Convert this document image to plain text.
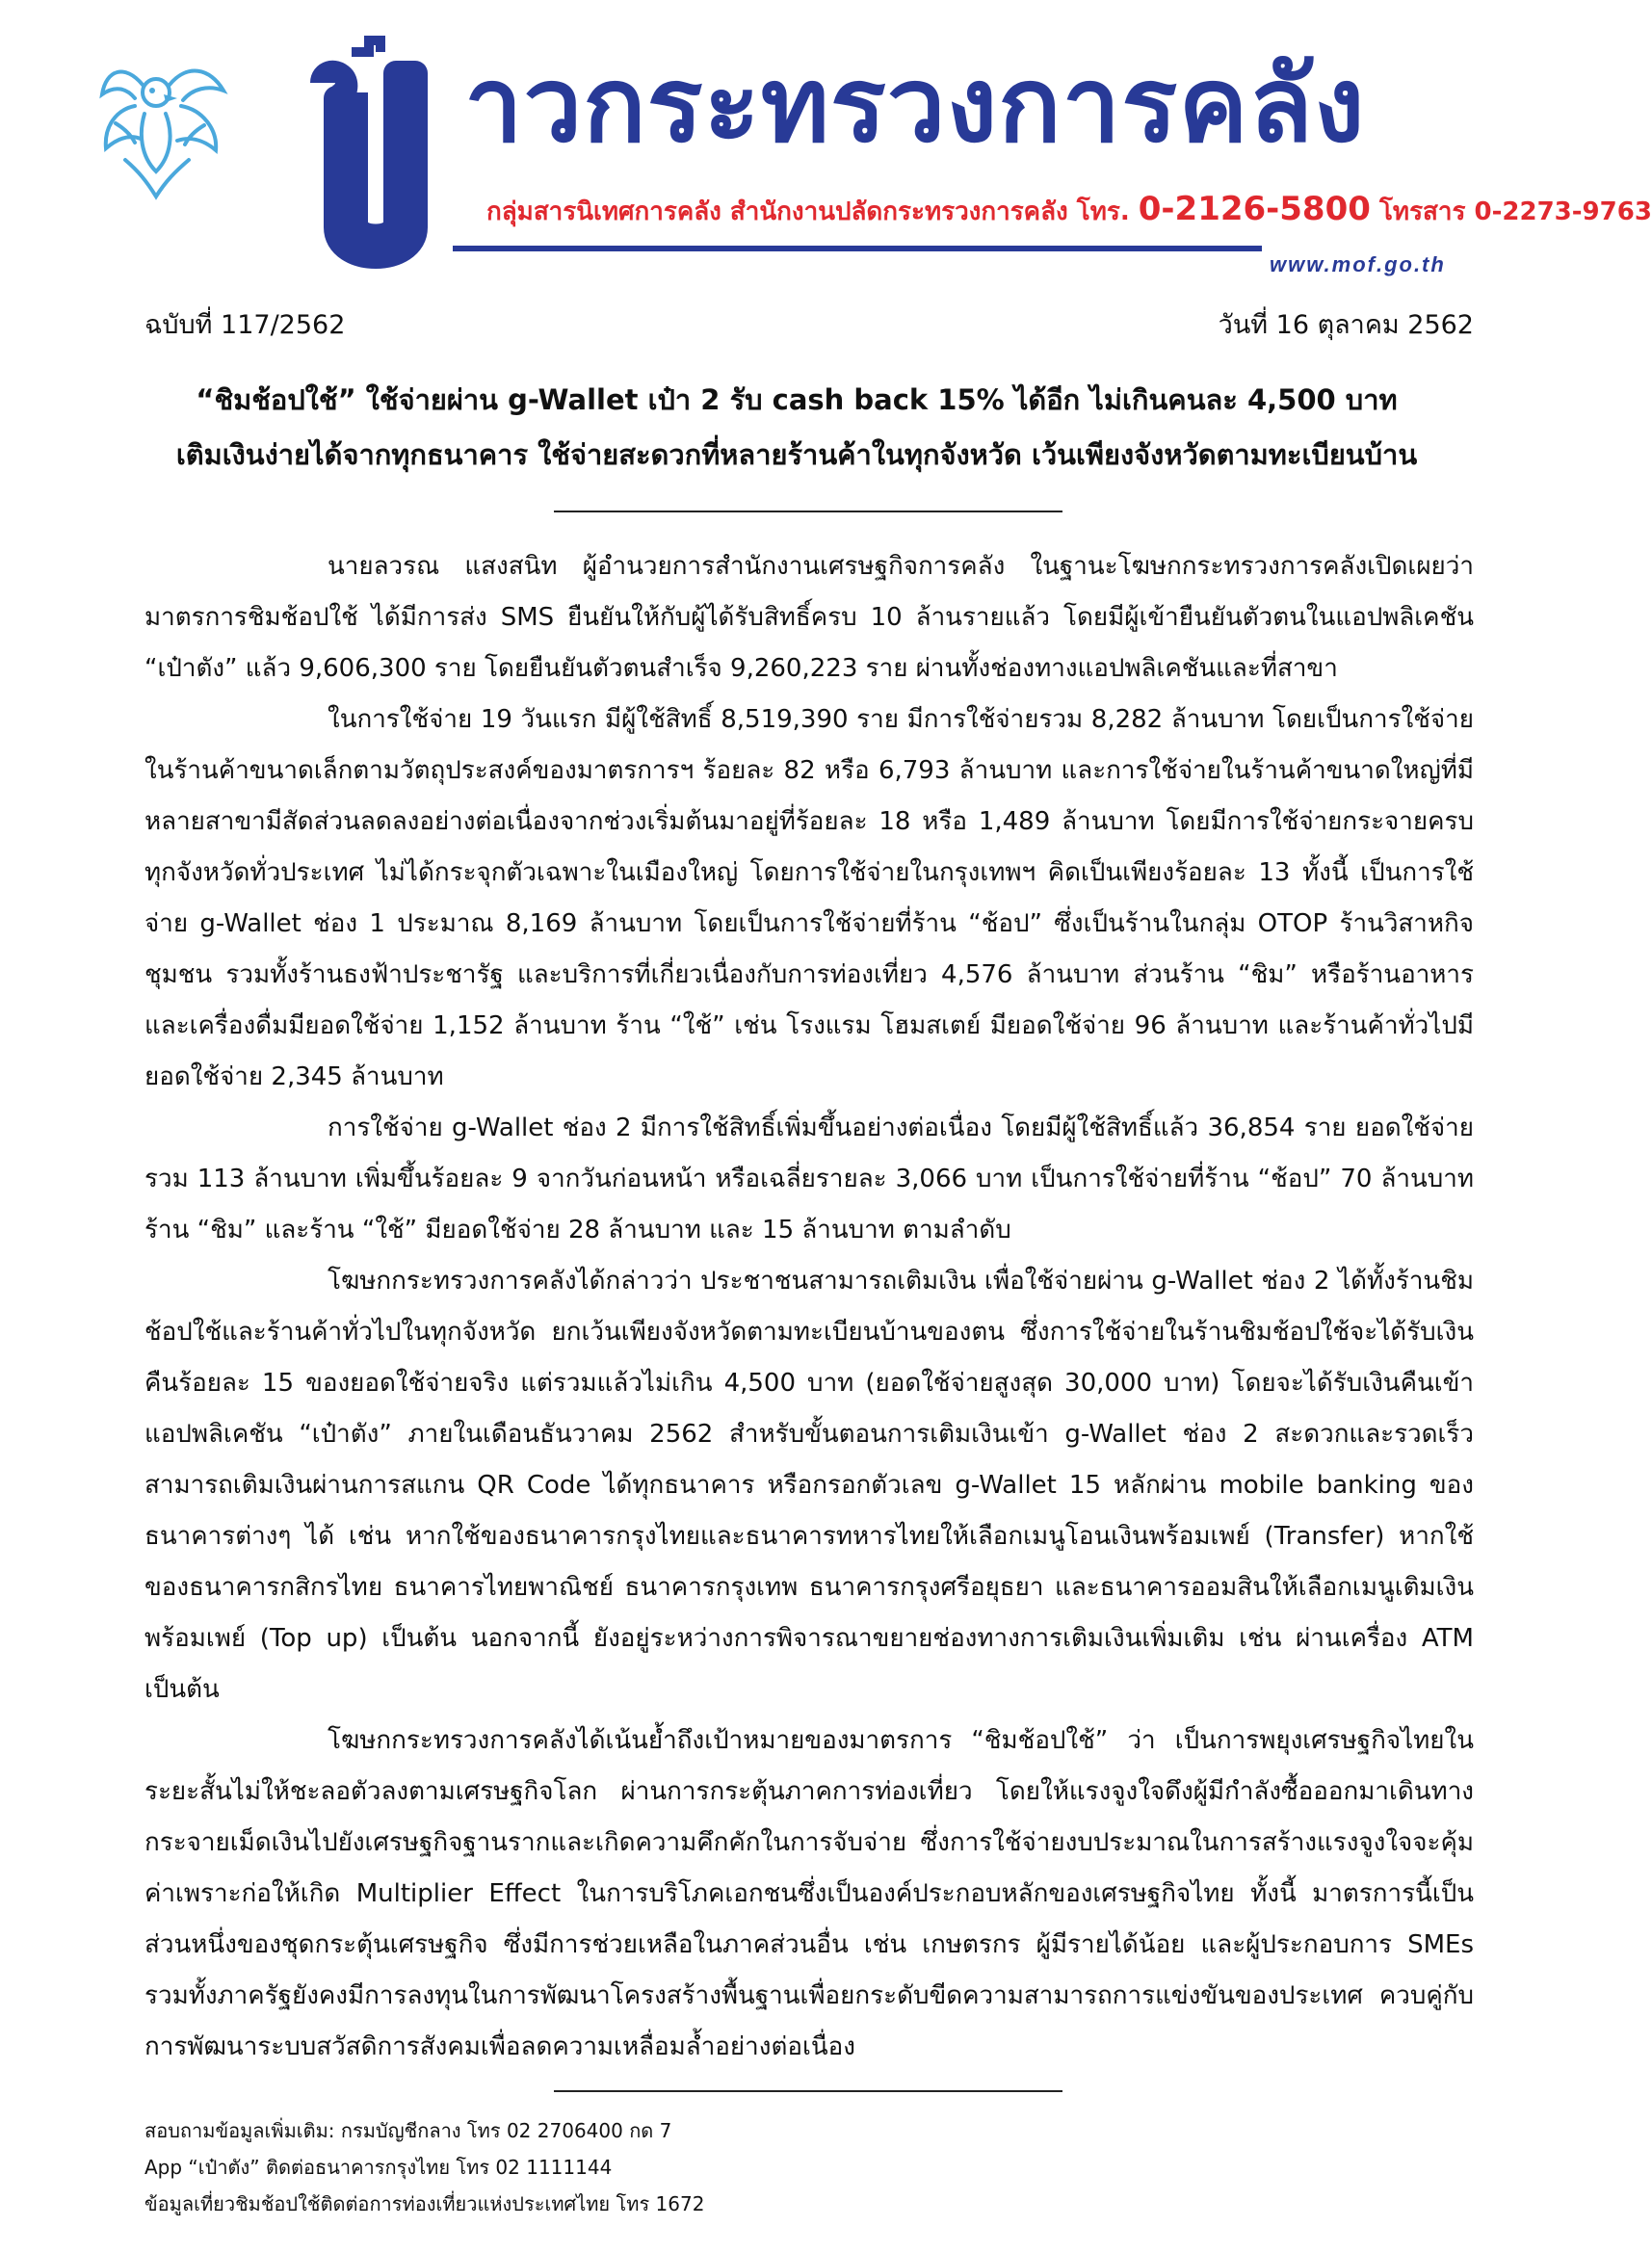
าวกระทรวงการคลัง
กลุ่มสารนิเทศการคลัง สำนักงานปลัดกระทรวงการคลัง โทร. 0-2126-5800 โทรสาร 0-2273-9763
www.mof.go.th
ฉบับที่ 117/2562	วันที่ 16 ตุลาคม 2562
“ชิมช้อปใช้” ใช้จ่ายผ่าน g-Wallet เป๋า 2 รับ cash back 15% ได้อีก ไม่เกินคนละ 4,500 บาท
เติมเงินง่ายได้จากทุกธนาคาร ใช้จ่ายสะดวกที่หลายร้านค้าในทุกจังหวัด เว้นเพียงจังหวัดตามทะเบียนบ้าน

นายลวรณ แสงสนิท ผู้อำนวยการสำนักงานเศรษฐกิจการคลัง ในฐานะโฆษกกระทรวงการคลังเปิดเผยว่า มาตรการชิมช้อปใช้ ได้มีการส่ง SMS ยืนยันให้กับผู้ได้รับสิทธิ์ครบ 10 ล้านรายแล้ว โดยมีผู้เข้ายืนยันตัวตนในแอปพลิเคชัน “เป๋าตัง” แล้ว 9,606,300 ราย โดยยืนยันตัวตนสำเร็จ 9,260,223 ราย ผ่านทั้งช่องทางแอปพลิเคชันและที่สาขา

ในการใช้จ่าย 19 วันแรก มีผู้ใช้สิทธิ์ 8,519,390 ราย มีการใช้จ่ายรวม 8,282 ล้านบาท โดยเป็นการใช้จ่ายในร้านค้าขนาดเล็กตามวัตถุประสงค์ของมาตรการฯ ร้อยละ 82 หรือ 6,793 ล้านบาท และการใช้จ่ายในร้านค้าขนาดใหญ่ที่มีหลายสาขามีสัดส่วนลดลงอย่างต่อเนื่องจากช่วงเริ่มต้นมาอยู่ที่ร้อยละ 18 หรือ 1,489 ล้านบาท โดยมีการใช้จ่ายกระจายครบทุกจังหวัดทั่วประเทศ ไม่ได้กระจุกตัวเฉพาะในเมืองใหญ่ โดยการใช้จ่ายในกรุงเทพฯ คิดเป็นเพียงร้อยละ 13 ทั้งนี้ เป็นการใช้จ่าย g-Wallet ช่อง 1 ประมาณ 8,169 ล้านบาท โดยเป็นการใช้จ่ายที่ร้าน “ช้อป” ซึ่งเป็นร้านในกลุ่ม OTOP ร้านวิสาหกิจชุมชน รวมทั้งร้านธงฟ้าประชารัฐ และบริการที่เกี่ยวเนื่องกับการท่องเที่ยว 4,576 ล้านบาท ส่วนร้าน “ชิม” หรือร้านอาหารและเครื่องดื่มมียอดใช้จ่าย 1,152 ล้านบาท ร้าน “ใช้” เช่น โรงแรม โฮมสเตย์ มียอดใช้จ่าย 96 ล้านบาท และร้านค้าทั่วไปมียอดใช้จ่าย 2,345 ล้านบาท

การใช้จ่าย g-Wallet ช่อง 2 มีการใช้สิทธิ์เพิ่มขึ้นอย่างต่อเนื่อง โดยมีผู้ใช้สิทธิ์แล้ว 36,854 ราย ยอดใช้จ่ายรวม 113 ล้านบาท เพิ่มขึ้นร้อยละ 9 จากวันก่อนหน้า หรือเฉลี่ยรายละ 3,066 บาท เป็นการใช้จ่ายที่ร้าน “ช้อป” 70 ล้านบาท ร้าน “ชิม” และร้าน “ใช้” มียอดใช้จ่าย 28 ล้านบาท และ 15 ล้านบาท ตามลำดับ

โฆษกกระทรวงการคลังได้กล่าวว่า ประชาชนสามารถเติมเงิน เพื่อใช้จ่ายผ่าน g-Wallet ช่อง 2 ได้ทั้งร้านชิมช้อปใช้และร้านค้าทั่วไปในทุกจังหวัด ยกเว้นเพียงจังหวัดตามทะเบียนบ้านของตน ซึ่งการใช้จ่ายในร้านชิมช้อปใช้จะได้รับเงินคืนร้อยละ 15 ของยอดใช้จ่ายจริง แต่รวมแล้วไม่เกิน 4,500 บาท (ยอดใช้จ่ายสูงสุด 30,000 บาท) โดยจะได้รับเงินคืนเข้าแอปพลิเคชัน “เป๋าตัง” ภายในเดือนธันวาคม 2562 สำหรับขั้นตอนการเติมเงินเข้า g-Wallet ช่อง 2 สะดวกและรวดเร็ว สามารถเติมเงินผ่านการสแกน QR Code ได้ทุกธนาคาร หรือกรอกตัวเลข g-Wallet 15 หลักผ่าน mobile banking ของธนาคารต่างๆ ได้ เช่น หากใช้ของธนาคารกรุงไทยและธนาคารทหารไทยให้เลือกเมนูโอนเงินพร้อมเพย์ (Transfer) หากใช้ของธนาคารกสิกรไทย ธนาคารไทยพาณิชย์ ธนาคารกรุงเทพ ธนาคารกรุงศรีอยุธยา และธนาคารออมสินให้เลือกเมนูเติมเงินพร้อมเพย์ (Top up) เป็นต้น นอกจากนี้ ยังอยู่ระหว่างการพิจารณาขยายช่องทางการเติมเงินเพิ่มเติม เช่น ผ่านเครื่อง ATM เป็นต้น

โฆษกกระทรวงการคลังได้เน้นย้ำถึงเป้าหมายของมาตรการ “ชิมช้อปใช้” ว่า เป็นการพยุงเศรษฐกิจไทยในระยะสั้นไม่ให้ชะลอตัวลงตามเศรษฐกิจโลก ผ่านการกระตุ้นภาคการท่องเที่ยว โดยให้แรงจูงใจดึงผู้มีกำลังซื้อออกมาเดินทาง กระจายเม็ดเงินไปยังเศรษฐกิจฐานรากและเกิดความคึกคักในการจับจ่าย ซึ่งการใช้จ่ายงบประมาณในการสร้างแรงจูงใจจะคุ้มค่าเพราะก่อให้เกิด Multiplier Effect ในการบริโภคเอกชนซึ่งเป็นองค์ประกอบหลักของเศรษฐกิจไทย ทั้งนี้ มาตรการนี้เป็นส่วนหนึ่งของชุดกระตุ้นเศรษฐกิจ ซึ่งมีการช่วยเหลือในภาคส่วนอื่น เช่น เกษตรกร ผู้มีรายได้น้อย และผู้ประกอบการ SMEs รวมทั้งภาครัฐยังคงมีการลงทุนในการพัฒนาโครงสร้างพื้นฐานเพื่อยกระดับขีดความสามารถการแข่งขันของประเทศ ควบคู่กับการพัฒนาระบบสวัสดิการสังคมเพื่อลดความเหลื่อมล้ำอย่างต่อเนื่อง

สอบถามข้อมูลเพิ่มเติม: กรมบัญชีกลาง โทร 02 2706400 กด 7
App “เป๋าตัง” ติดต่อธนาคารกรุงไทย โทร 02 1111144
ข้อมูลเที่ยวชิมช้อปใช้ติดต่อการท่องเที่ยวแห่งประเทศไทย โทร 1672
